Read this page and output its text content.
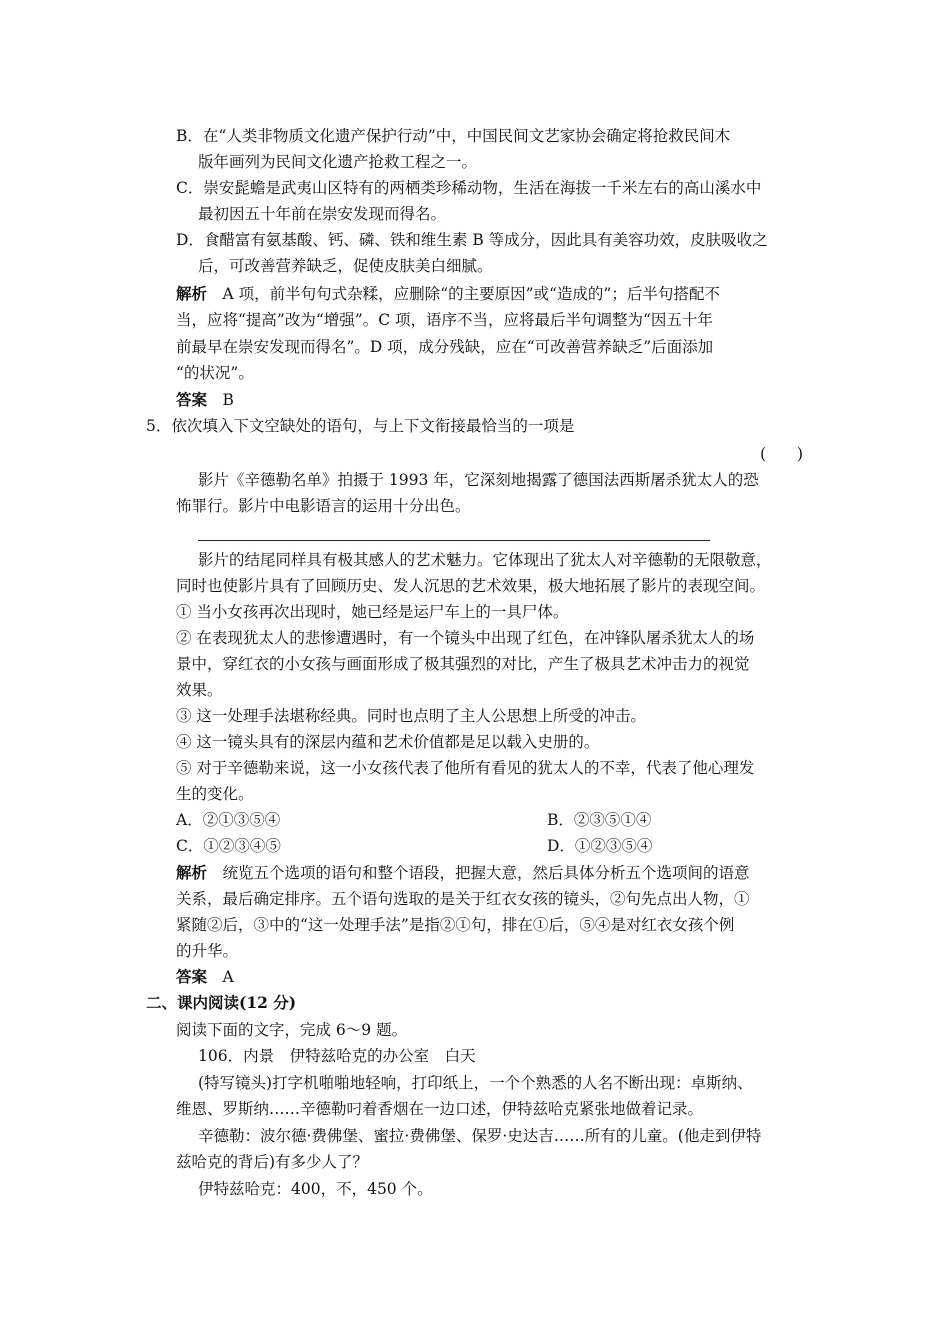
B．在“人类非物质文化遗产保护行动”中，中国民间文艺家协会确定将抢救民间木
版年画列为民间文化遗产抢救工程之一。
C．崇安髭蟾是武夷山区特有的两栖类珍稀动物，生活在海拔一千米左右的高山溪水中
最初因五十年前在崇安发现而得名。
D．食醋富有氨基酸、钙、磷、铁和维生素 B 等成分，因此具有美容功效，皮肤吸收之
后，可改善营养缺乏，促使皮肤美白细腻。
解析　 A 项，前半句句式杂糅，应删除“的主要原因”或“造成的”；后半句搭配不
当，应将“提高”改为“增强”。C 项，语序不当，应将最后半句调整为“因五十年
前最早在崇安发现而得名”。D 项，成分残缺，应在“可改善营养缺乏”后面添加
“的状况”。
答案　 B
5．依次填入下文空缺处的语句，与上下文衔接最恰当的一项是
(　　)
影片《辛德勒名单》拍摄于 1993 年，它深刻地揭露了德国法西斯屠杀犹太人的恐
怖罪行。影片中电影语言的运用十分出色。
影片的结尾同样具有极其感人的艺术魅力。它体现出了犹太人对辛德勒的无限敬意，
同时也使影片具有了回顾历史、发人沉思的艺术效果，极大地拓展了影片的表现空间。
① 当小女孩再次出现时，她已经是运尸车上的一具尸体。
② 在表现犹太人的悲惨遭遇时，有一个镜头中出现了红色，在冲锋队屠杀犹太人的场
景中，穿红衣的小女孩与画面形成了极其强烈的对比，产生了极具艺术冲击力的视觉
效果。
③ 这一处理手法堪称经典。同时也点明了主人公思想上所受的冲击。
④ 这一镜头具有的深层内蕴和艺术价值都是足以载入史册的。
⑤ 对于辛德勒来说，这一小女孩代表了他所有看见的犹太人的不幸，代表了他心理发
生的变化。
A．②①③⑤④	B．②③⑤①④
C．①②③④⑤	D．①②③⑤④
解析　 统览五个选项的语句和整个语段，把握大意，然后具体分析五个选项间的语意
关系，最后确定排序。五个语句选取的是关于红衣女孩的镜头，②句先点出人物，①
紧随②后，③中的“这一处理手法”是指②①句，排在①后，⑤④是对红衣女孩个例
的升华。
答案　 A
二、课内阅读(12 分)
阅读下面的文字，完成 6～9 题。
106．内景　伊特兹哈克的办公室　白天
(特写镜头)打字机啪啪地轻响，打印纸上，一个个熟悉的人名不断出现：卓斯纳、
维恩、罗斯纳……辛德勒叼着香烟在一边口述，伊特兹哈克紧张地做着记录。
辛德勒：波尔德·费佛堡、蜜拉·费佛堡、保罗·史达吉……所有的儿童。(他走到伊特
兹哈克的背后)有多少人了？
伊特兹哈克：400，不，450 个。
